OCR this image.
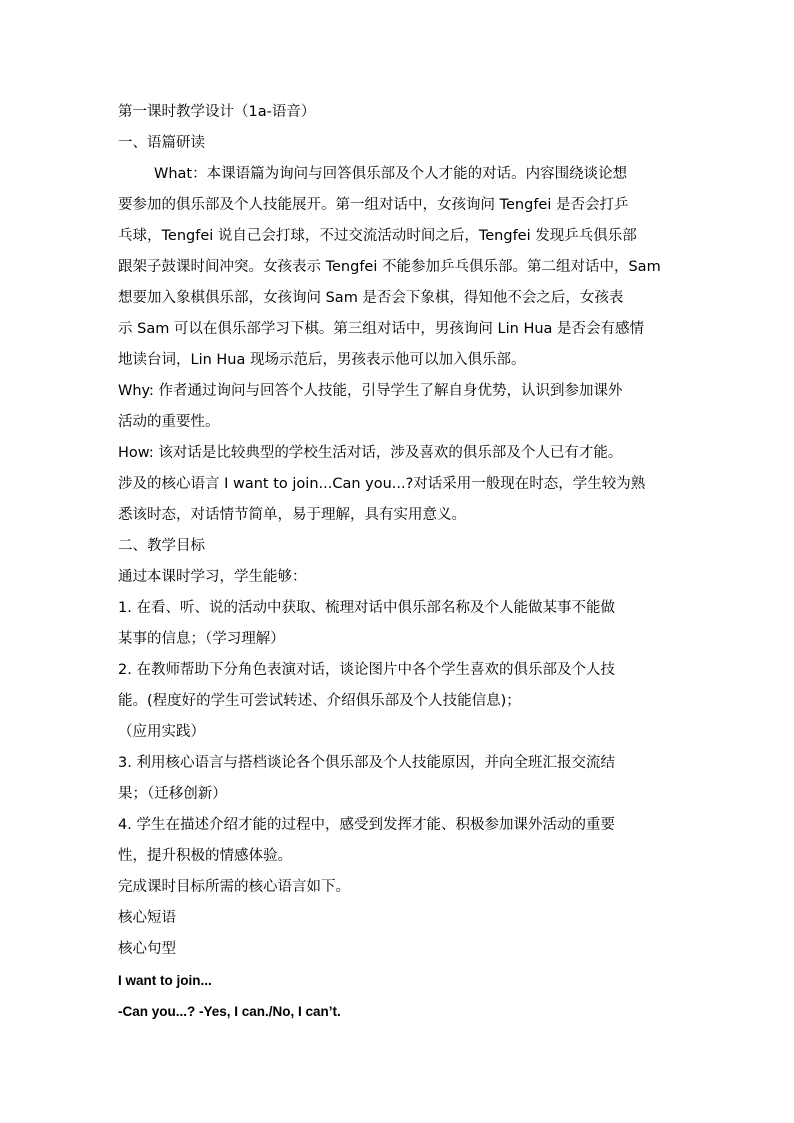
第一课时教学设计（1a-语音）
一、语篇研读
What：本课语篇为询问与回答俱乐部及个人才能的对话。内容围绕谈论想
要参加的俱乐部及个人技能展开。第一组对话中，女孩询问 Tengfei 是否会打乒
乓球，Tengfei 说自己会打球，不过交流活动时间之后，Tengfei 发现乒乓俱乐部
跟架子鼓课时间冲突。女孩表示 Tengfei 不能参加乒乓俱乐部。第二组对话中，Sam
想要加入象棋俱乐部，女孩询问 Sam 是否会下象棋，得知他不会之后，女孩表
示 Sam 可以在俱乐部学习下棋。第三组对话中，男孩询问 Lin Hua 是否会有感情
地读台词，Lin Hua 现场示范后，男孩表示他可以加入俱乐部。
Why: 作者通过询问与回答个人技能，引导学生了解自身优势，认识到参加课外
活动的重要性。
How: 该对话是比较典型的学校生活对话，涉及喜欢的俱乐部及个人已有才能。
涉及的核心语言 I want to join...Can you...?对话采用一般现在时态，学生较为熟
悉该时态，对话情节简单，易于理解，具有实用意义。
二、教学目标
通过本课时学习，学生能够：
1. 在看、听、说的活动中获取、梳理对话中俱乐部名称及个人能做某事不能做
某事的信息；（学习理解）
2. 在教师帮助下分角色表演对话，谈论图片中各个学生喜欢的俱乐部及个人技
能。(程度好的学生可尝试转述、介绍俱乐部及个人技能信息)；
（应用实践）
3. 利用核心语言与搭档谈论各个俱乐部及个人技能原因，并向全班汇报交流结
果；（迁移创新）
4. 学生在描述介绍才能的过程中，感受到发挥才能、积极参加课外活动的重要
性，提升积极的情感体验。
完成课时目标所需的核心语言如下。
核心短语
核心句型
I want to join...
-Can you...? -Yes, I can./No, I can’t.
